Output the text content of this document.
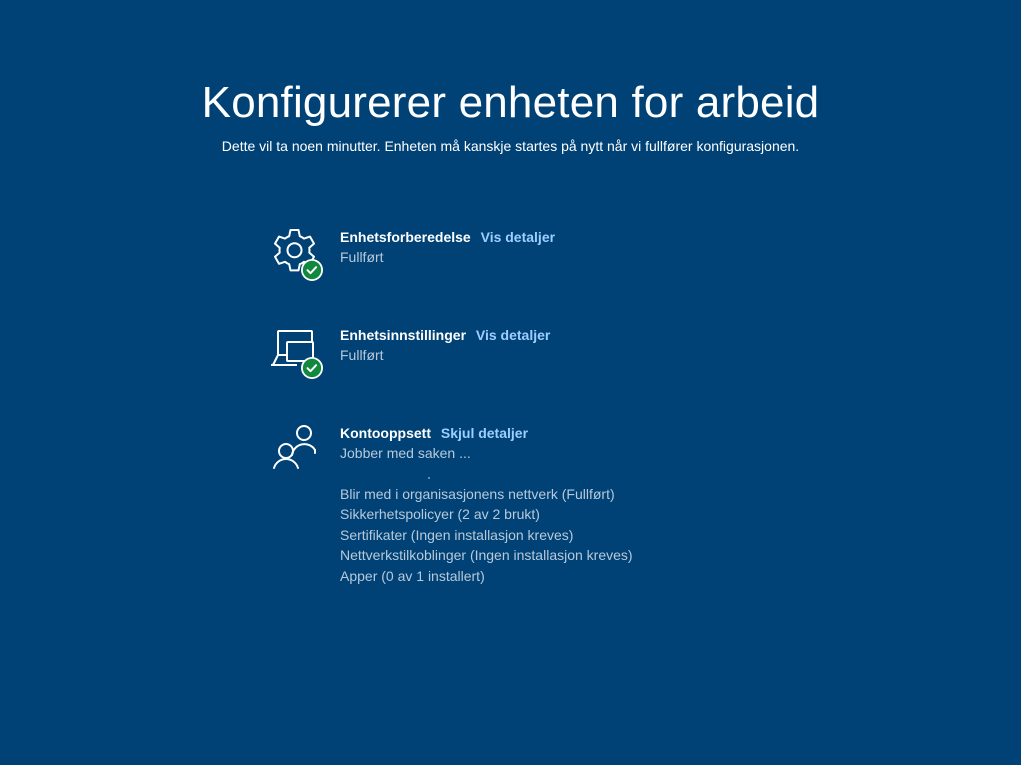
Konfigurerer enheten for arbeid
Dette vil ta noen minutter. Enheten må kanskje startes på nytt når vi fullfører konfigurasjonen.
Enhetsforberedelse Vis detaljer
Fullført
Enhetsinnstillinger Vis detaljer
Fullført
Kontooppsett Skjul detaljer
Jobber med saken ...
Blir med i organisasjonens nettverk (Fullført)
Sikkerhetspolicyer (2 av 2 brukt)
Sertifikater (Ingen installasjon kreves)
Nettverkstilkoblinger (Ingen installasjon kreves)
Apper (0 av 1 installert)
